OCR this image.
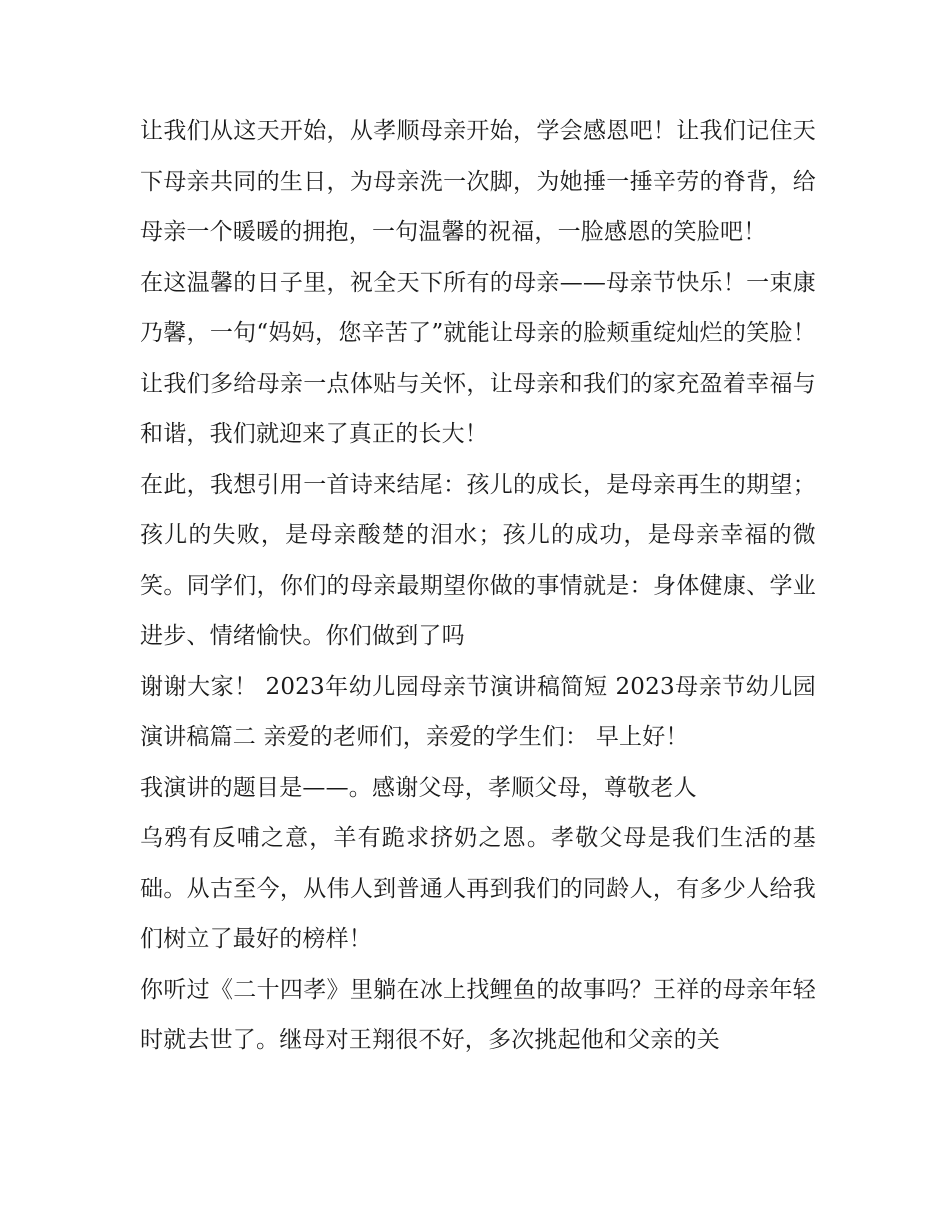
让我们从这天开始，从孝顺母亲开始，学会感恩吧！让我们记住天下母亲共同的生日，为母亲洗一次脚，为她捶一捶辛劳的脊背，给母亲一个暖暖的拥抱，一句温馨的祝福，一脸感恩的笑脸吧！

在这温馨的日子里，祝全天下所有的母亲——母亲节快乐！一束康乃馨，一句“妈妈，您辛苦了”就能让母亲的脸颊重绽灿烂的笑脸！让我们多给母亲一点体贴与关怀，让母亲和我们的家充盈着幸福与和谐，我们就迎来了真正的长大！

在此，我想引用一首诗来结尾：孩儿的成长，是母亲再生的期望；孩儿的失败，是母亲酸楚的泪水；孩儿的成功，是母亲幸福的微笑。同学们，你们的母亲最期望你做的事情就是：身体健康、学业进步、情绪愉快。你们做到了吗

谢谢大家！ 2023年幼儿园母亲节演讲稿简短 2023母亲节幼儿园演讲稿篇二 亲爱的老师们，亲爱的学生们： 早上好！

我演讲的题目是——。感谢父母，孝顺父母，尊敬老人

乌鸦有反哺之意，羊有跪求挤奶之恩。孝敬父母是我们生活的基础。从古至今，从伟人到普通人再到我们的同龄人，有多少人给我们树立了最好的榜样！

你听过《二十四孝》里躺在冰上找鲤鱼的故事吗？王祥的母亲年轻时就去世了。继母对王翔很不好，多次挑起他和父亲的关
